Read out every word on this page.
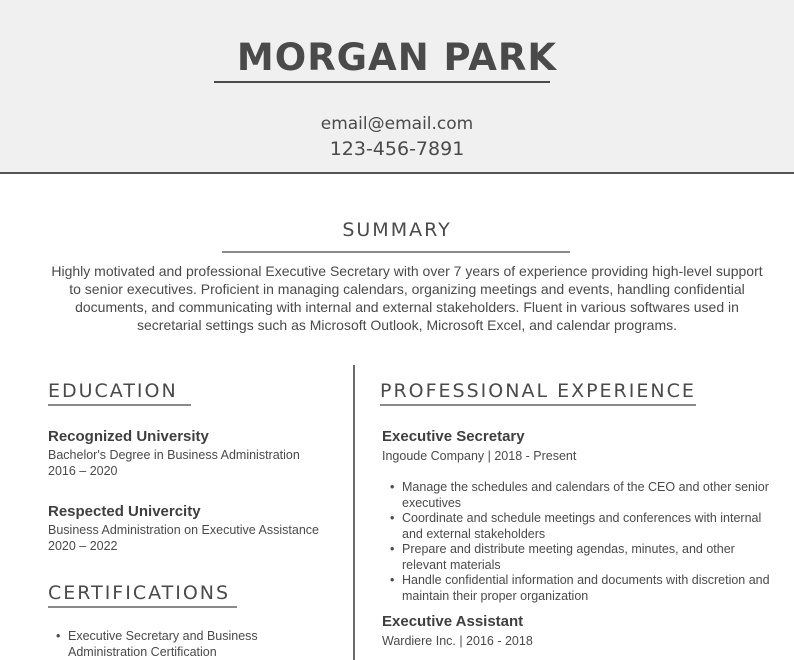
MORGAN PARK
email@email.com
123-456-7891
SUMMARY
Highly motivated and professional Executive Secretary with over 7 years of experience providing high-level support to senior executives. Proficient in managing calendars, organizing meetings and events, handling confidential documents, and communicating with internal and external stakeholders. Fluent in various softwares used in secretarial settings such as Microsoft Outlook, Microsoft Excel, and calendar programs.
EDUCATION
Recognized University
Bachelor's Degree in Business Administration
2016 – 2020
Respected Univercity
Business Administration on Executive Assistance
2020 – 2022
CERTIFICATIONS
• Executive Secretary and Business Administration Certification
PROFESSIONAL EXPERIENCE
Executive Secretary
Ingoude Company | 2018 - Present
• Manage the schedules and calendars of the CEO and other senior executives
• Coordinate and schedule meetings and conferences with internal and external stakeholders
• Prepare and distribute meeting agendas, minutes, and other relevant materials
• Handle confidential information and documents with discretion and maintain their proper organization
Executive Assistant
Wardiere Inc. | 2016 - 2018
